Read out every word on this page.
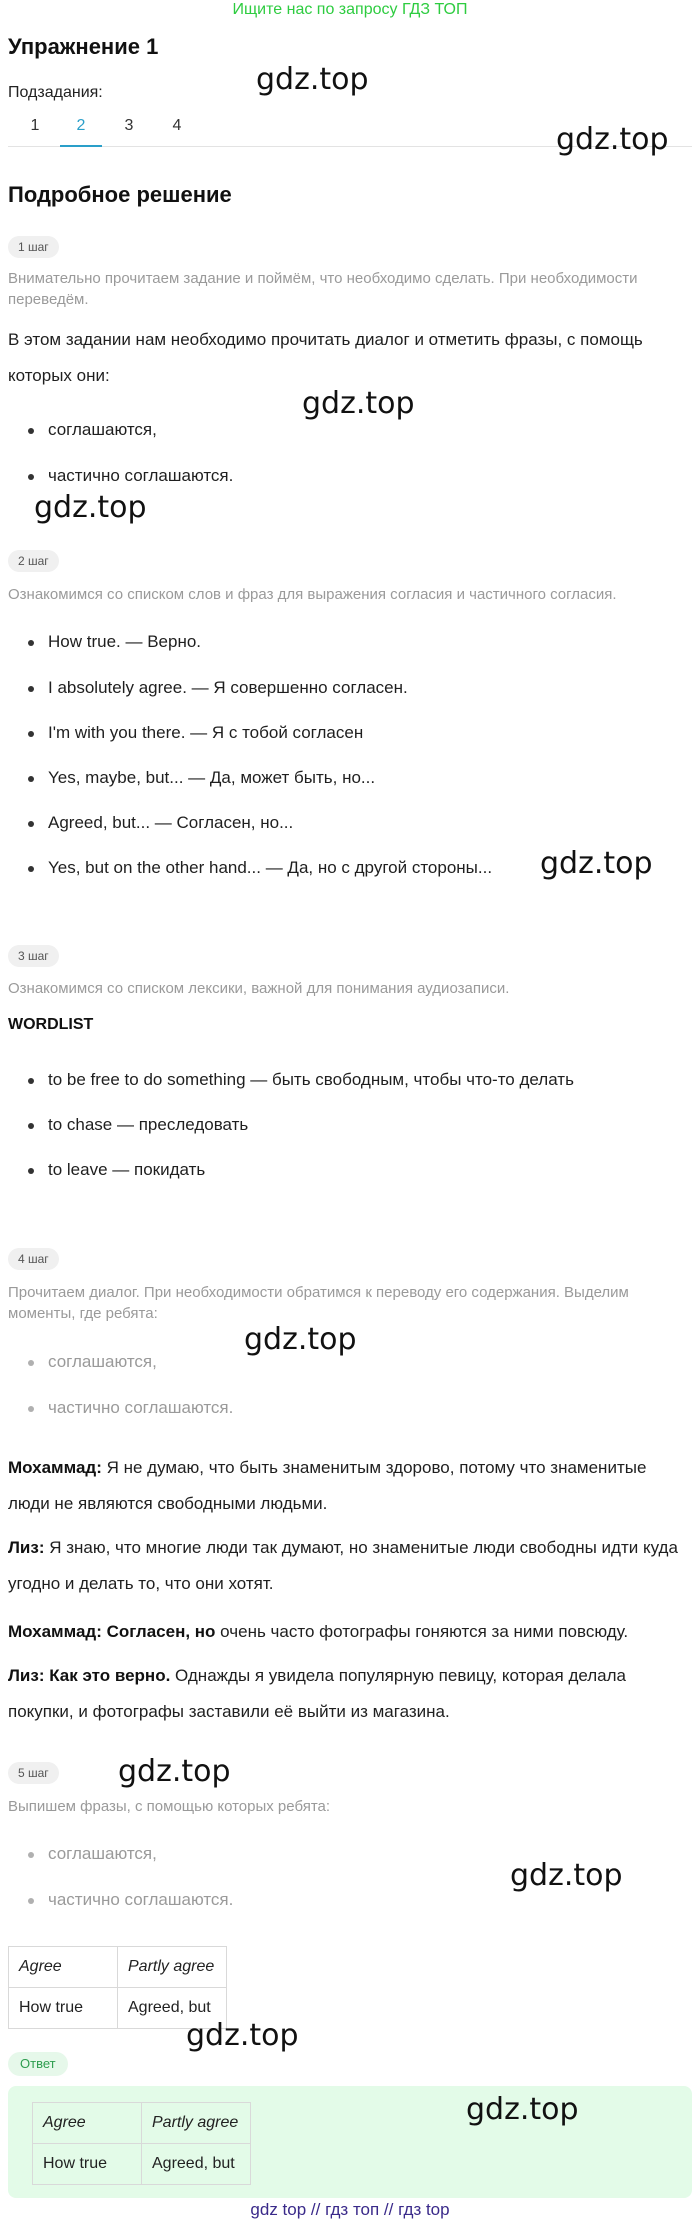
Ищите нас по запросу ГДЗ ТОП
Упражнение 1
Подзадания:
1	2	3	4
Подробное решение
1 шаг
Внимательно прочитаем задание и поймём, что необходимо сделать. При необходимости переведём.
В этом задании нам необходимо прочитать диалог и отметить фразы, с помощь которых они:
соглашаются,
частично соглашаются.
2 шаг
Ознакомимся со списком слов и фраз для выражения согласия и частичного согласия.
How true. — Верно.
I absolutely agree. — Я совершенно согласен.
I'm with you there. — Я с тобой согласен
Yes, maybe, but... — Да, может быть, но...
Agreed, but... — Согласен, но...
Yes, but on the other hand... — Да, но с другой стороны...
3 шаг
Ознакомимся со списком лексики, важной для понимания аудиозаписи.
WORDLIST
to be free to do something — быть свободным, чтобы что-то делать
to chase — преследовать
to leave — покидать
4 шаг
Прочитаем диалог. При необходимости обратимся к переводу его содержания. Выделим моменты, где ребята:
соглашаются,
частично соглашаются.
Мохаммад: Я не думаю, что быть знаменитым здорово, потому что знаменитые люди не являются свободными людьми.
Лиз: Я знаю, что многие люди так думают, но знаменитые люди свободны идти куда угодно и делать то, что они хотят.
Мохаммад: Согласен, но очень часто фотографы гоняются за ними повсюду.
Лиз: Как это верно. Однажды я увидела популярную певицу, которая делала покупки, и фотографы заставили её выйти из магазина.
5 шаг
Выпишем фразы, с помощью которых ребята:
соглашаются,
частично соглашаются.
Agree	Partly agree
How true	Agreed, but
Ответ
Agree	Partly agree
How true	Agreed, but
gdz top // гдз топ // гдз top
gdz.top
gdz.top
gdz.top
gdz.top
gdz.top
gdz.top
gdz.top
gdz.top
gdz.top
gdz.top
